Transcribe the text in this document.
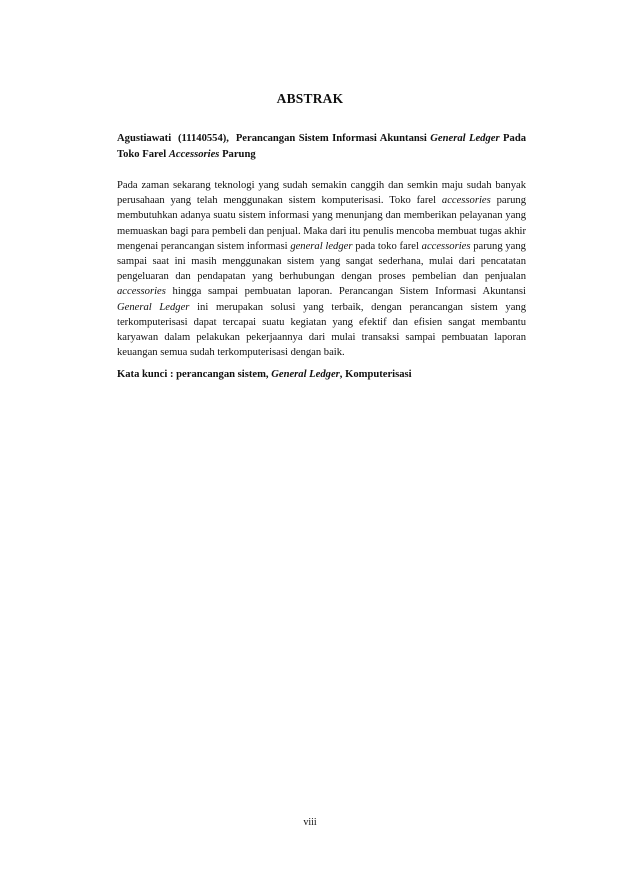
ABSTRAK
Agustiawati (11140554), Perancangan Sistem Informasi Akuntansi General Ledger Pada Toko Farel Accessories Parung
Pada zaman sekarang teknologi yang sudah semakin canggih dan semkin maju sudah banyak perusahaan yang telah menggunakan sistem komputerisasi. Toko farel accessories parung membutuhkan adanya suatu sistem informasi yang menunjang dan memberikan pelayanan yang memuaskan bagi para pembeli dan penjual. Maka dari itu penulis mencoba membuat tugas akhir mengenai perancangan sistem informasi general ledger pada toko farel accessories parung yang sampai saat ini masih menggunakan sistem yang sangat sederhana, mulai dari pencatatan pengeluaran dan pendapatan yang berhubungan dengan proses pembelian dan penjualan accessories hingga sampai pembuatan laporan. Perancangan Sistem Informasi Akuntansi General Ledger ini merupakan solusi yang terbaik, dengan perancangan sistem yang terkomputerisasi dapat tercapai suatu kegiatan yang efektif dan efisien sangat membantu karyawan dalam pelakukan pekerjaannya dari mulai transaksi sampai pembuatan laporan keuangan semua sudah terkomputerisasi dengan baik.
Kata kunci : perancangan sistem, General Ledger, Komputerisasi
viii
